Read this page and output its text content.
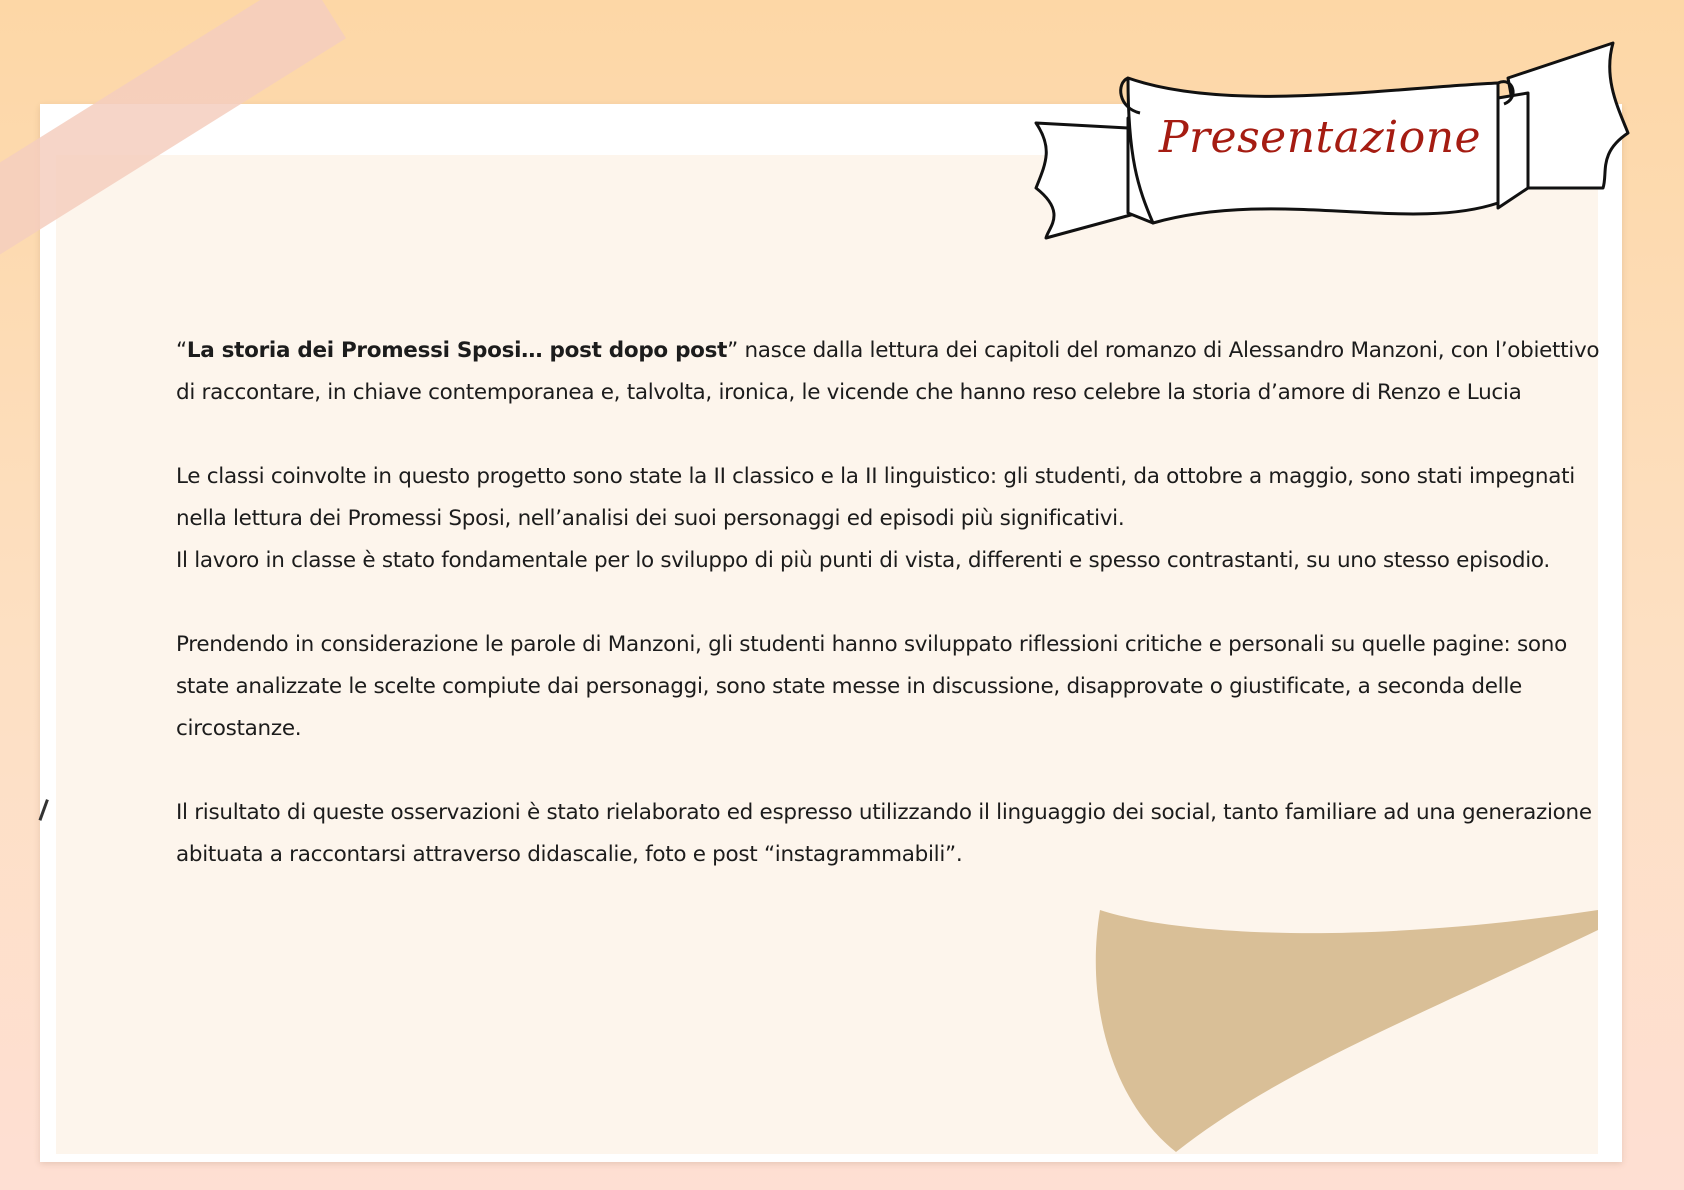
Presentazione

“La storia dei Promessi Sposi… post dopo post” nasce dalla lettura dei capitoli del romanzo di Alessandro Manzoni, con l’obiettivo
di raccontare, in chiave contemporanea e, talvolta, ironica, le vicende che hanno reso celebre la storia d’amore di Renzo e Lucia

Le classi coinvolte in questo progetto sono state la II classico e la II linguistico: gli studenti, da ottobre a maggio, sono stati impegnati
nella lettura dei Promessi Sposi, nell’analisi dei suoi personaggi ed episodi più significativi.
Il lavoro in classe è stato fondamentale per lo sviluppo di più punti di vista, differenti e spesso contrastanti, su uno stesso episodio.

Prendendo in considerazione le parole di Manzoni, gli studenti hanno sviluppato riflessioni critiche e personali su quelle pagine: sono
state analizzate le scelte compiute dai personaggi, sono state messe in discussione, disapprovate o giustificate, a seconda delle
circostanze.

Il risultato di queste osservazioni è stato rielaborato ed espresso utilizzando il linguaggio dei social, tanto familiare ad una generazione
abituata a raccontarsi attraverso didascalie, foto e post “instagrammabili”.
